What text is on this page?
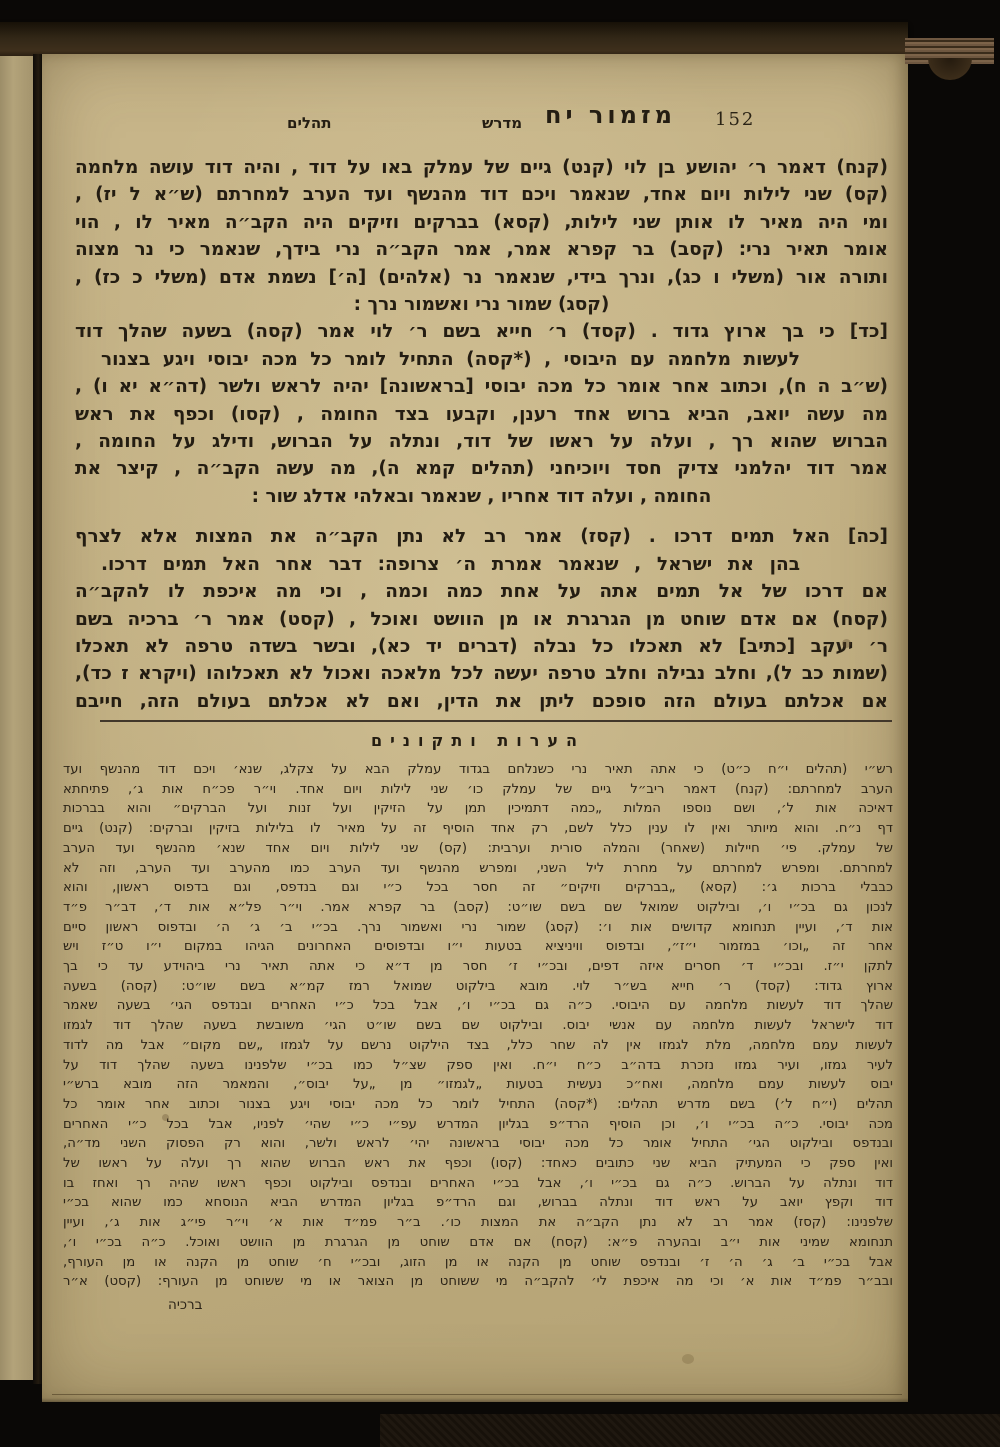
תהלים	מדרש מזמור יח 152
(קנח) דאמר ר׳ יהושע בן לוי (קנט) גיים של עמלק באו על דוד , והיה דוד עושה מלחמה
(קס) שני לילות ויום אחד, שנאמר ויכם דוד מהנשף ועד הערב למחרתם (ש״א ל יז) ,
ומי היה מאיר לו אותן שני לילות, (קסא) בברקים וזיקים היה הקב״ה מאיר לו , הוי
אומר תאיר נרי: (קסב) בר קפרא אמר, אמר הקב״ה נרי בידך, שנאמר כי נר מצוה
ותורה אור (משלי ו כג), ונרך בידי, שנאמר נר (אלהים) [ה׳] נשמת אדם (משלי כ כז) ,
(קסג) שמור נרי ואשמור נרך :
[כד] כי בך ארוץ גדוד . (קסד) ר׳ חייא בשם ר׳ לוי אמר (קסה) בשעה שהלך דוד
לעשות מלחמה עם היבוסי , (*קסה) התחיל לומר כל מכה יבוסי ויגע בצנור
(ש״ב ה ח), וכתוב אחר אומר כל מכה יבוסי [בראשונה] יהיה לראש ולשר (דה״א יא ו) ,
מה עשה יואב, הביא ברוש אחד רענן, וקבעו בצד החומה , (קסו) וכפף את ראש
הברוש שהוא רך , ועלה על ראשו של דוד, ונתלה על הברוש, ודילג על החומה ,
אמר דוד יהלמני צדיק חסד ויוכיחני (תהלים קמא ה), מה עשה הקב״ה , קיצר את
החומה , ועלה דוד אחריו , שנאמר ובאלהי אדלג שור :
[כה] האל תמים דרכו . (קסז) אמר רב לא נתן הקב״ה את המצות אלא לצרף
בהן את ישראל , שנאמר אמרת ה׳ צרופה: דבר אחר האל תמים דרכו.
אם דרכו של אל תמים אתה על אחת כמה וכמה , וכי מה איכפת לו להקב״ה
(קסח) אם אדם שוחט מן הגרגרת או מן הוושט ואוכל , (קסט) אמר ר׳ ברכיה בשם
ר׳ יעקב [כתיב] לא תאכלו כל נבלה (דברים יד כא), ובשר בשדה טרפה לא תאכלו
(שמות כב ל), וחלב נבילה וחלב טרפה יעשה לכל מלאכה ואכול לא תאכלוהו (ויקרא ז כד),
אם אכלתם בעולם הזה סופכם ליתן את הדין, ואם לא אכלתם בעולם הזה, חייבם
הערות ותקונים
רש״י (תהלים י״ח כ״ט) כי אתה תאיר נרי כשנלחם בגדוד עמלק הבא על צקלג, שנא׳ ויכם דוד מהנשף ועד
הערב למחרתם: (קנח) דאמר ריב״ל גיים של עמלק כו׳ שני לילות ויום אחד. וי״ר פכ״ח אות ג׳, פתיחתא
דאיכה אות ל׳, ושם נוספו המלות „כמה דתמיכין תמן על הזיקין ועל זנות ועל הברקים״ והוא בברכות
דף נ״ח. והוא מיותר ואין לו ענין כלל לשם, רק אחד הוסיף זה על מאיר לו בלילות בזיקין וברקים: (קנט) גיים
של עמלק. פי׳ חיילות (שאחר) והמלה סורית וערבית: (קס) שני לילות ויום אחד שנא׳ מהנשף ועד הערב
למחרתם. ומפרש למחרתם על מחרת ליל השני, ומפרש מהנשף ועד הערב כמו מהערב ועד הערב, וזה לא
כבבלי ברכות ג׳: (קסא) „בברקים וזיקים״ זה חסר בכל כ״י וגם בנדפס, וגם בדפוס ראשון, והוא
לנכון גם בכ״י ו׳, ובילקוט שמואל שם בשם שו״ט: (קסב) בר קפרא אמר. וי״ר פל״א אות ד׳, דב״ר פ״ד
אות ד׳, ועיין תנחומא קדושים אות ו׳: (קסג) שמור נרי ואשמור נרך. בכ״י ב׳ ג׳ ה׳ ובדפוס ראשון סיים
אחר זה „וכו׳ במזמור י״ז״, ובדפוס וויניציא בטעות י״ו ובדפוסים האחרונים הגיהו במקום י״ו ט״ז ויש
לתקן י״ז. ובכ״י ד׳ חסרים איזה דפים, ובכ״י ז׳ חסר מן ד״א כי אתה תאיר נרי ביהוידע עד כי בך
ארוץ גדוד: (קסד) ר׳ חייא בש״ר לוי. מובא בילקוט שמואל רמז קמ״א בשם שו״ט: (קסה) בשעה
שהלך דוד לעשות מלחמה עם היבוסי. כ״ה גם בכ״י ו׳, אבל בכל כ״י האחרים ובנדפס הגי׳ בשעה שאמר
דוד לישראל לעשות מלחמה עם אנשי יבוס. ובילקוט שם בשם שו״ט הגי׳ משובשת בשעה שהלך דוד לגמזו
לעשות עמם מלחמה, מלת לגמזו אין לה שחר כלל, בצד הילקוט נרשם על לגמזו „שם מקום״ אבל מה לדוד
לעיר גמזו, ועיר גמזו נזכרת בדה״ב כ״ח י״ח. ואין ספק שצ״ל כמו בכ״י שלפנינו בשעה שהלך דוד על
יבוס לעשות עמם מלחמה, ואח״כ נעשית בטעות „לגמזו״ מן „על יבוס״, והמאמר הזה מובא ברש״י
תהלים (י״ח ל׳) בשם מדרש תהלים: (*קסה) התחיל לומר כל מכה יבוסי ויגע בצנור וכתוב אחר אומר כל
מכה יבוסי. כ״ה בכ״י ו׳, וכן הוסיף הרד״פ בגליון המדרש עפ״י כ״י שהי׳ לפניו, אבל בכל כ״י האחרים
ובנדפס ובילקוט הגי׳ התחיל אומר כל מכה יבוסי בראשונה יהי׳ לראש ולשר, והוא רק הפסוק השני מד״ה,
ואין ספק כי המעתיק הביא שני כתובים כאחד: (קסו) וכפף את ראש הברוש שהוא רך ועלה על ראשו של
דוד ונתלה על הברוש. כ״ה גם בכ״י ו׳, אבל בכ״י האחרים ובנדפס ובילקוט וכפף ראשו שהיה רך ואחז בו
דוד וקפץ יואב על ראש דוד ונתלה בברוש, וגם הרד״פ בגליון המדרש הביא הנוסחא כמו שהוא בכ״י
שלפנינו: (קסז) אמר רב לא נתן הקב״ה את המצות כו׳. ב״ר פמ״ד אות א׳ וי״ר פי״ג אות ג׳, ועיין
תנחומא שמיני אות י״ב ובהערה פ״א: (קסח) אם אדם שוחט מן הגרגרת מן הוושט ואוכל. כ״ה בכ״י ו׳,
אבל בכ״י ב׳ ג׳ ה׳ ז׳ ובנדפס שוחט מן הקנה או מן הזוג, ובכ״י ח׳ שוחט מן הקנה או מן העורף,
ובב״ר פמ״ד אות א׳ וכי מה איכפת לי׳ להקב״ה מי ששוחט מן הצואר או מי ששוחט מן העורף: (קסט) א״ר
ברכיה
